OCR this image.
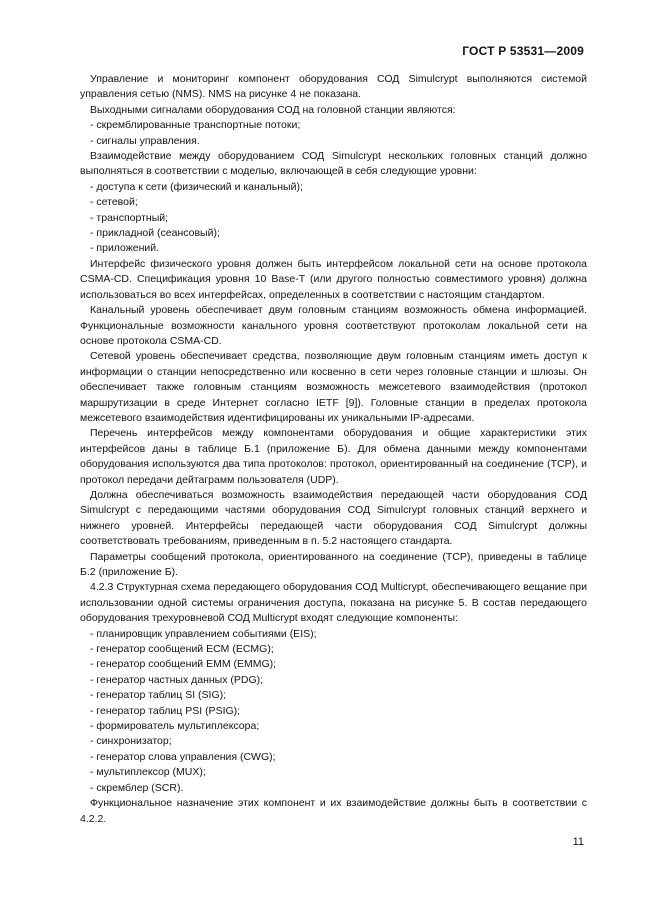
ГОСТ Р 53531—2009

Управление и мониторинг компонент оборудования СОД Simulcrypt выполняются системой управления сетью (NMS). NMS на рисунке 4 не показана.

Выходными сигналами оборудования СОД на головной станции являются:

- скремблированные транспортные потоки;

- сигналы управления.

Взаимодействие между оборудованием СОД Simulcrypt нескольких головных станций должно выполняться в соответствии с моделью, включающей в себя следующие уровни:

- доступа к сети (физический и канальный);

- сетевой;

- транспортный;

- прикладной (сеансовый);

- приложений.

Интерфейс физического уровня должен быть интерфейсом локальной сети на основе протокола CSMA-CD. Спецификация уровня 10 Base-T (или другого полностью совместимого уровня) должна использоваться во всех интерфейсах, определенных в соответствии с настоящим стандартом.

Канальный уровень обеспечивает двум головным станциям возможность обмена информацией. Функциональные возможности канального уровня соответствуют протоколам локальной сети на основе протокола CSMA-CD.

Сетевой уровень обеспечивает средства, позволяющие двум головным станциям иметь доступ к информации о станции непосредственно или косвенно в сети через головные станции и шлюзы. Он обеспечивает также головным станциям возможность межсетевого взаимодействия (протокол маршрутизации в среде Интернет согласно IETF [9]). Головные станции в пределах протокола межсетевого взаимодействия идентифицированы их уникальными IP-адресами.

Перечень интерфейсов между компонентами оборудования и общие характеристики этих интерфейсов даны в таблице Б.1 (приложение Б). Для обмена данными между компонентами оборудования используются два типа протоколов: протокол, ориентированный на соединение (TCP), и протокол передачи дейтаграмм пользователя (UDP).

Должна обеспечиваться возможность взаимодействия передающей части оборудования СОД Simulcrypt с передающими частями оборудования СОД Simulcrypt головных станций верхнего и нижнего уровней. Интерфейсы передающей части оборудования СОД Simulcrypt должны соответствовать требованиям, приведенным в п. 5.2 настоящего стандарта.

Параметры сообщений протокола, ориентированного на соединение (TCP), приведены в таблице Б.2 (приложение Б).

4.2.3 Структурная схема передающего оборудования СОД Multicrypt, обеспечивающего вещание при использовании одной системы ограничения доступа, показана на рисунке 5. В состав передающего оборудования трехуровневой СОД Multicrypt входят следующие компоненты:

- планировщик управлением событиями (EIS);

- генератор сообщений ECM (ECMG);

- генератор сообщений EMM (EMMG);

- генератор частных данных (PDG);

- генератор таблиц SI (SIG);

- генератор таблиц PSI (PSIG);

- формирователь мультиплексора;

- синхронизатор;

- генератор слова управления (CWG);

- мультиплексор (MUX);

- скремблер (SCR).

Функциональное назначение этих компонент и их взаимодействие должны быть в соответствии с 4.2.2.

11
